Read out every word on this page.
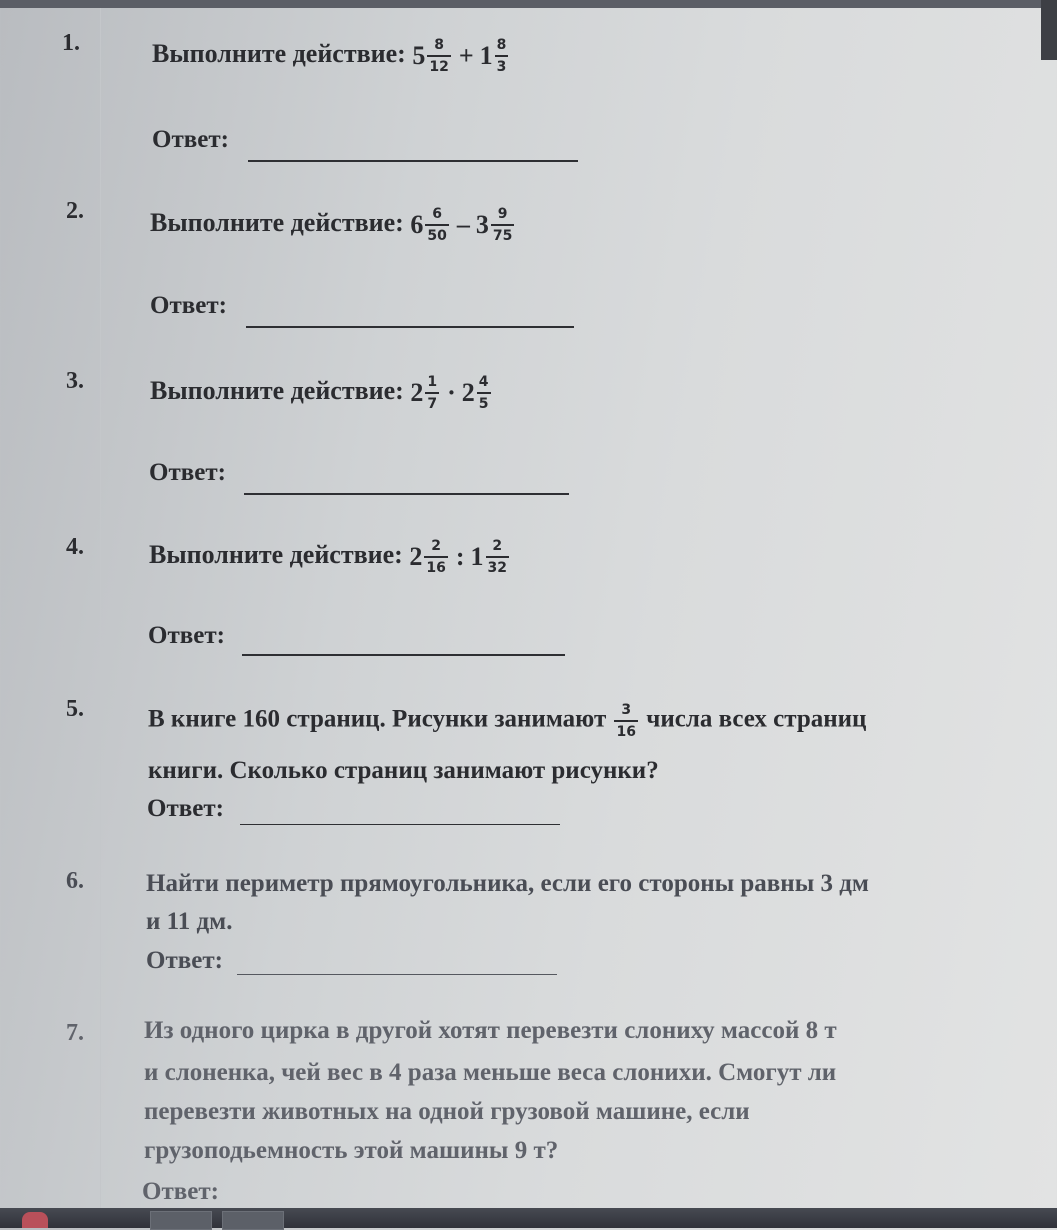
1.	Выполните действие: $5 \frac{8}{12} + 1 \frac{8}{3}$
Ответ:
2.	Выполните действие: $6 \frac{6}{50} - 3 \frac{9}{75}$
Ответ:
3.	Выполните действие: $2 \frac{1}{7} \cdot 2 \frac{4}{5}$
Ответ:
4.	Выполните действие: $2 \frac{2}{16}$ : $1 \frac{2}{32}$
Ответ:
5.	В книге 160 страниц. Рисунки занимают $\frac{3}{16}$ числа всех страниц
книги. Сколько страниц занимают рисунки?
Ответ:
6.	Найти периметр прямоугольника, если его стороны равны 3 дм
и 11 дм.
Ответ:
7.	Из одного цирка в другой хотят перевезти слониху массой 8 т
и слоненка, чей вес в 4 раза меньше веса слонихи. Смогут ли
перевезти животных на одной грузовой машине, если
грузоподьемность этой машины 9 т?
Ответ:
